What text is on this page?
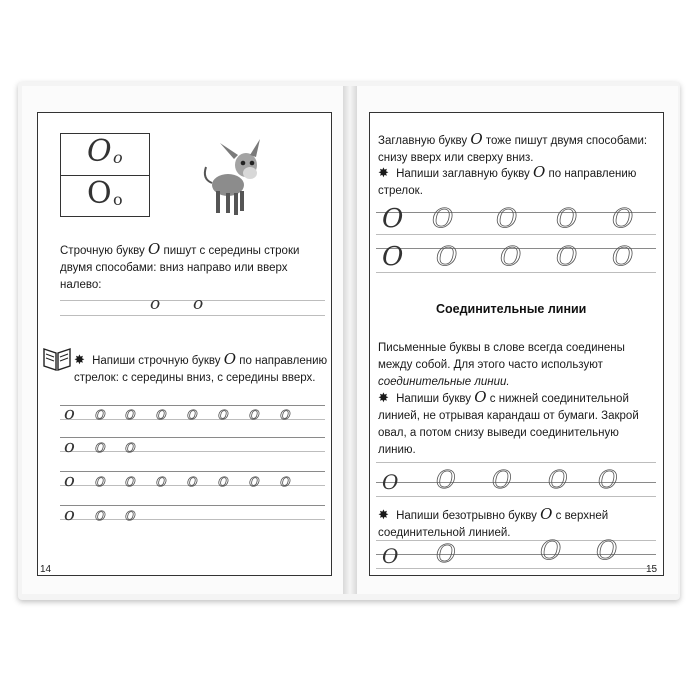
O o
O o
Строчную букву O пишут с середины строки двумя способами: вниз направо или вверх налево:
o o
✸ Напиши строчную букву O по направлению стрелок: с середины вниз, с середины вверх.
o o o o o o o o
o o o
o o o o o o o o
o o o
14
Заглавную букву O тоже пишут двумя способами: снизу вверх или сверху вниз.
✸ Напиши заглавную букву O по направлению стрелок.
O O O O O
O O O O O
Соединительные линии
Письменные буквы в слове всегда соединены между собой. Для этого часто используют соединительные линии.
✸ Напиши букву O с нижней соединительной линией, не отрывая карандаш от бумаги. Закрой овал, а потом снизу выведи соединительную линию.
O O O O O
✸ Напиши безотрывно букву O с верхней соединительной линией.
O O	O O
15
